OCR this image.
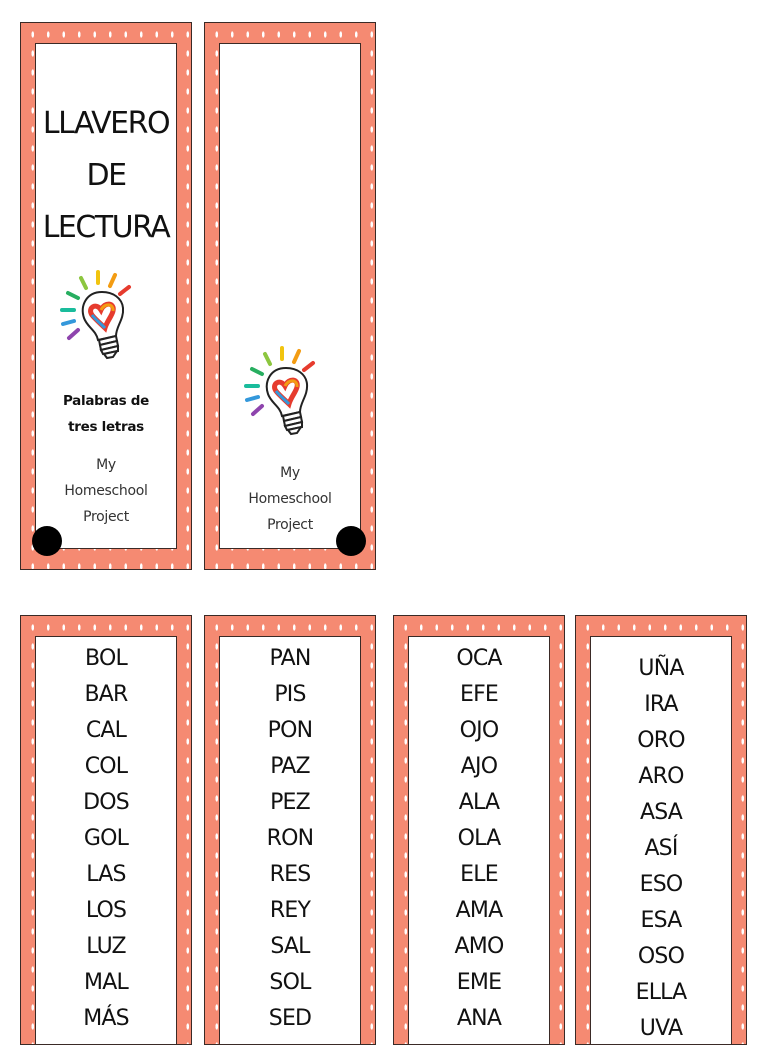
LLAVERO
DE
LECTURA
Palabras de
tres letras
My
Homeschool
Project
My
Homeschool
Project
BOL
BAR
CAL
COL
DOS
GOL
LAS
LOS
LUZ
MAL
MÁS
PAN
PIS
PON
PAZ
PEZ
RON
RES
REY
SAL
SOL
SED
OCA
EFE
OJO
AJO
ALA
OLA
ELE
AMA
AMO
EME
ANA
UÑA
IRA
ORO
ARO
ASA
ASÍ
ESO
ESA
OSO
ELLA
UVA
